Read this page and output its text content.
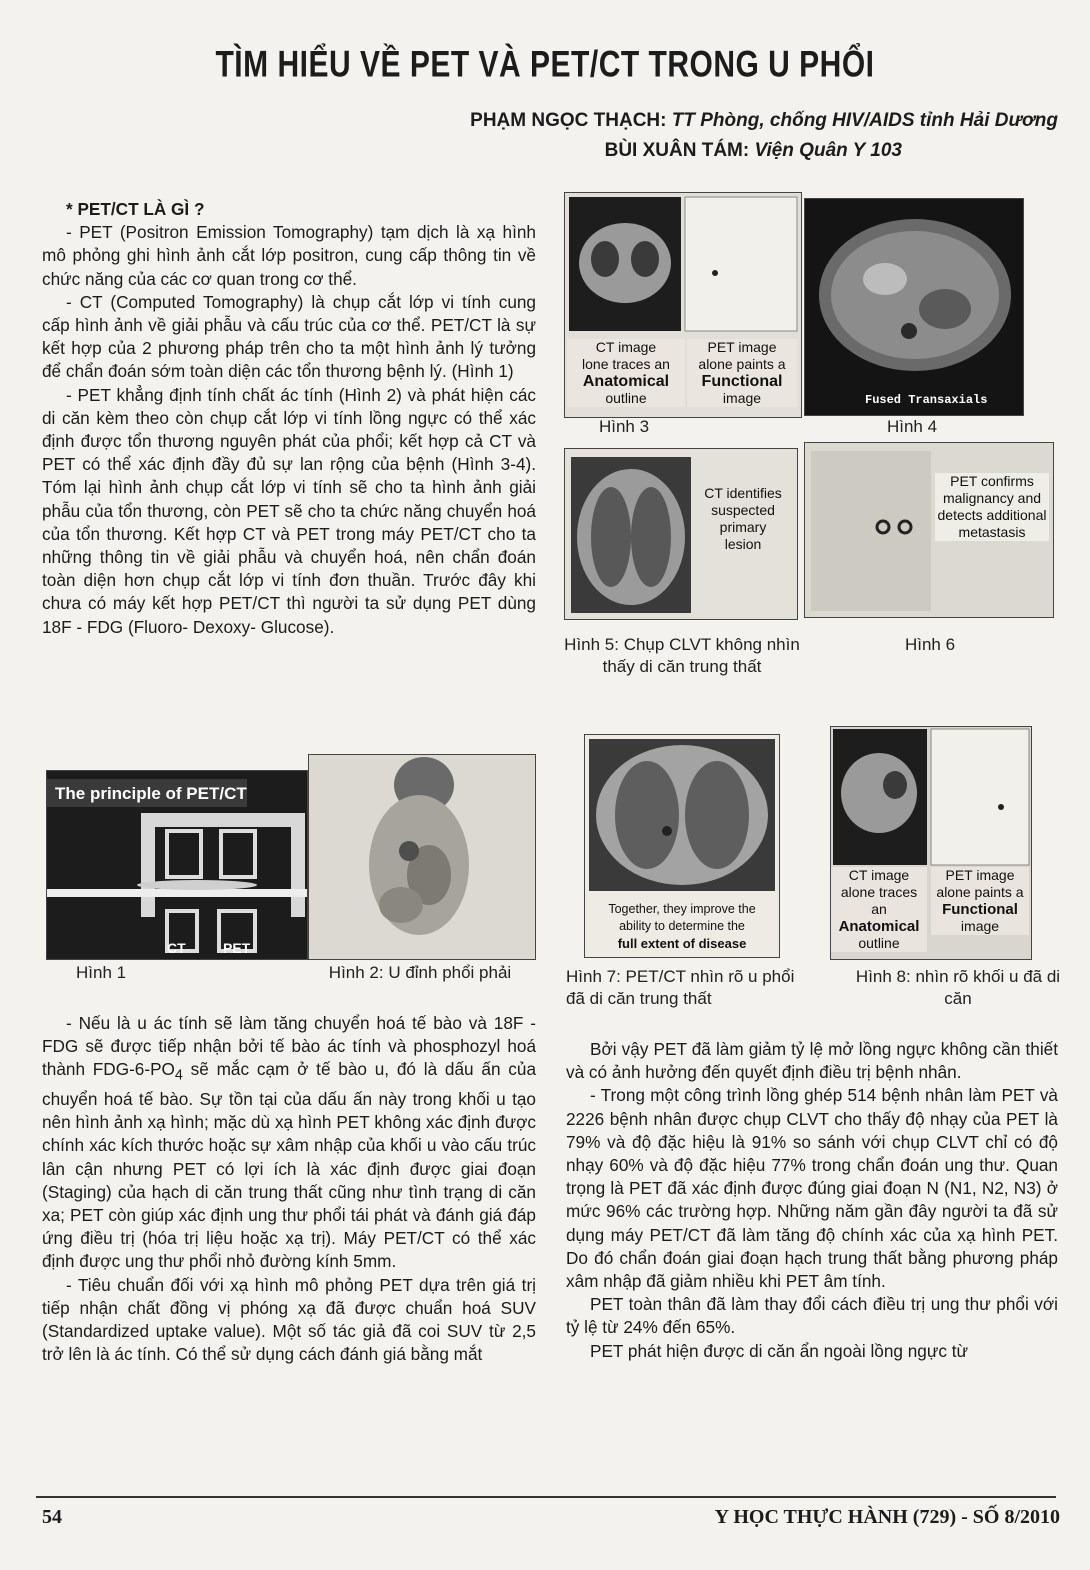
TÌM HIỂU VỀ PET VÀ PET/CT TRONG U PHỔI
PHẠM NGỌC THẠCH: TT Phòng, chống HIV/AIDS tỉnh Hải Dương
BÙI XUÂN TÁM: Viện Quân Y 103

* PET/CT LÀ GÌ ?

- PET (Positron Emission Tomography) tạm dịch là xạ hình mô phỏng ghi hình ảnh cắt lớp positron, cung cấp thông tin về chức năng của các cơ quan trong cơ thể.

- CT (Computed Tomography) là chụp cắt lớp vi tính cung cấp hình ảnh về giải phẫu và cấu trúc của cơ thể. PET/CT là sự kết hợp của 2 phương pháp trên cho ta một hình ảnh lý tưởng để chẩn đoán sớm toàn diện các tổn thương bệnh lý. (Hình 1)

- PET khẳng định tính chất ác tính (Hình 2) và phát hiện các di căn kèm theo còn chụp cắt lớp vi tính lồng ngực có thể xác định được tổn thương nguyên phát của phổi; kết hợp cả CT và PET có thể xác định đầy đủ sự lan rộng của bệnh (Hình 3-4). Tóm lại hình ảnh chụp cắt lớp vi tính sẽ cho ta hình ảnh giải phẫu của tổn thương, còn PET sẽ cho ta chức năng chuyển hoá của tổn thương. Kết hợp CT và PET trong máy PET/CT cho ta những thông tin về giải phẫu và chuyển hoá, nên chẩn đoán toàn diện hơn chụp cắt lớp vi tính đơn thuần. Trước đây khi chưa có máy kết hợp PET/CT thì người ta sử dụng PET dùng 18F - FDG (Fluoro- Dexoxy- Glucose).

The principle of PET/CT
CT	PET
Hình 1	Hình 2: U đỉnh phổi phải

- Nếu là u ác tính sẽ làm tăng chuyển hoá tế bào và 18F -FDG sẽ được tiếp nhận bởi tế bào ác tính và phosphozyl hoá thành FDG-$6-PO_4$ sẽ mắc cạm ở tế bào u, đó là dấu ấn của chuyển hoá tế bào. Sự tồn tại của dấu ấn này trong khối u tạo nên hình ảnh xạ hình; mặc dù xạ hình PET không xác định được chính xác kích thước hoặc sự xâm nhập của khối u vào cấu trúc lân cận nhưng PET có lợi ích là xác định được giai đoạn (Staging) của hạch di căn trung thất cũng như tình trạng di căn xa; PET còn giúp xác định ung thư phổi tái phát và đánh giá đáp ứng điều trị (hóa trị liệu hoặc xạ trị). Máy PET/CT có thể xác định được ung thư phổi nhỏ đường kính 5mm.

- Tiêu chuẩn đối với xạ hình mô phỏng PET dựa trên giá trị tiếp nhận chất đồng vị phóng xạ đã được chuẩn hoá SUV (Standardized uptake value). Một số tác giả đã coi SUV từ 2,5 trở lên là ác tính. Có thể sử dụng cách đánh giá bằng mắt

CT image
lone traces an
Anatomical
outline
PET image
alone paints a
Functional
image
Hình 3
Fused Transaxials
Hình 4
CT identifies
suspected
primary
lesion
Hình 5: Chụp CLVT không nhìn thấy di căn trung thất
PET confirms
malignancy and
detects additional
metastasis
Hình 6
Together, they improve the
ability to determine the
full extent of disease
Hình 7: PET/CT nhìn rõ u phổi đã di căn trung thất
CT image
alone traces
an
Anatomical
outline
PET image
alone paints a
Functional
image
Hình 8: nhìn rõ khối u đã di căn

Bởi vậy PET đã làm giảm tỷ lệ mở lồng ngực không cần thiết và có ảnh hưởng đến quyết định điều trị bệnh nhân.

- Trong một công trình lồng ghép 514 bệnh nhân làm PET và 2226 bệnh nhân được chụp CLVT cho thấy độ nhạy của PET là 79% và độ đặc hiệu là 91% so sánh với chụp CLVT chỉ có độ nhạy 60% và độ đặc hiệu 77% trong chẩn đoán ung thư. Quan trọng là PET đã xác định được đúng giai đoạn N (N1, N2, N3) ở mức 96% các trường hợp. Những năm gần đây người ta đã sử dụng máy PET/CT đã làm tăng độ chính xác của xạ hình PET. Do đó chẩn đoán giai đoạn hạch trung thất bằng phương pháp xâm nhập đã giảm nhiều khi PET âm tính.

PET toàn thân đã làm thay đổi cách điều trị ung thư phổi với tỷ lệ từ 24% đến 65%.

PET phát hiện được di căn ẩn ngoài lồng ngực từ

54	Y HỌC THỰC HÀNH (729) - SỐ 8/2010
